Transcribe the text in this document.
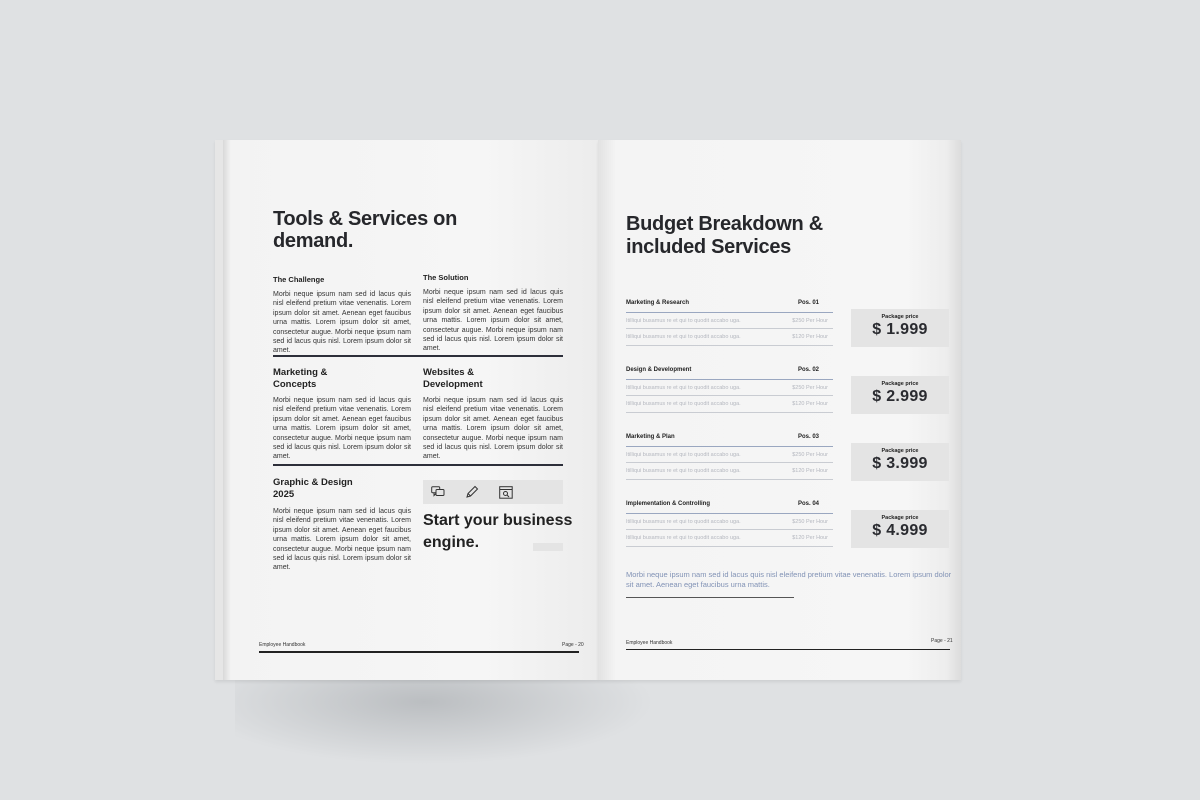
Tools & Services on demand.
The Challenge
Morbi neque ipsum nam sed id lacus quis nisl eleifend pretium vitae venenatis. Lorem ipsum dolor sit amet. Aenean eget faucibus urna mattis. Lorem ipsum dolor sit amet, consectetur augue. Morbi neque ipsum nam sed id lacus quis nisl. Lorem ipsum dolor sit amet.
The Solution
Morbi neque ipsum nam sed id lacus quis nisl eleifend pretium vitae venenatis. Lorem ipsum dolor sit amet. Aenean eget faucibus urna mattis. Lorem ipsum dolor sit amet, consectetur augue. Morbi neque ipsum nam sed id lacus quis nisl. Lorem ipsum dolor sit amet.
Marketing & Concepts
Morbi neque ipsum nam sed id lacus quis nisl eleifend pretium vitae venenatis. Lorem ipsum dolor sit amet. Aenean eget faucibus urna mattis. Lorem ipsum dolor sit amet, consectetur augue. Morbi neque ipsum nam sed id lacus quis nisl. Lorem ipsum dolor sit amet.
Websites & Development
Morbi neque ipsum nam sed id lacus quis nisl eleifend pretium vitae venenatis. Lorem ipsum dolor sit amet. Aenean eget faucibus urna mattis. Lorem ipsum dolor sit amet, consectetur augue. Morbi neque ipsum nam sed id lacus quis nisl. Lorem ipsum dolor sit amet.
Graphic & Design 2025
Morbi neque ipsum nam sed id lacus quis nisl eleifend pretium vitae venenatis. Lorem ipsum dolor sit amet. Aenean eget faucibus urna mattis. Lorem ipsum dolor sit amet, consectetur augue. Morbi neque ipsum nam sed id lacus quis nisl. Lorem ipsum dolor sit amet.
Start your business engine.
Employee Handbook	Page - 20
Budget Breakdown & included Services
Marketing & Research	Pos. 01
Itilliqui busamus re et qui to quodit accabo uga.	$250 Per Hour
Itilliqui busamus re et qui to quodit accabo uga.	$120 Per Hour
Package price
$ 1.999
Design & Development	Pos. 02
Itilliqui busamus re et qui to quodit accabo uga.	$250 Per Hour
Itilliqui busamus re et qui to quodit accabo uga.	$120 Per Hour
Package price
$ 2.999
Marketing & Plan	Pos. 03
Itilliqui busamus re et qui to quodit accabo uga.	$250 Per Hour
Itilliqui busamus re et qui to quodit accabo uga.	$120 Per Hour
Package price
$ 3.999
Implementation & Controlling	Pos. 04
Itilliqui busamus re et qui to quodit accabo uga.	$250 Per Hour
Itilliqui busamus re et qui to quodit accabo uga.	$120 Per Hour
Package price
$ 4.999
Morbi neque ipsum nam sed id lacus quis nisl eleifend pretium vitae venenatis. Lorem ipsum dolor sit amet. Aenean eget faucibus urna mattis.
Employee Handbook	Page - 21
